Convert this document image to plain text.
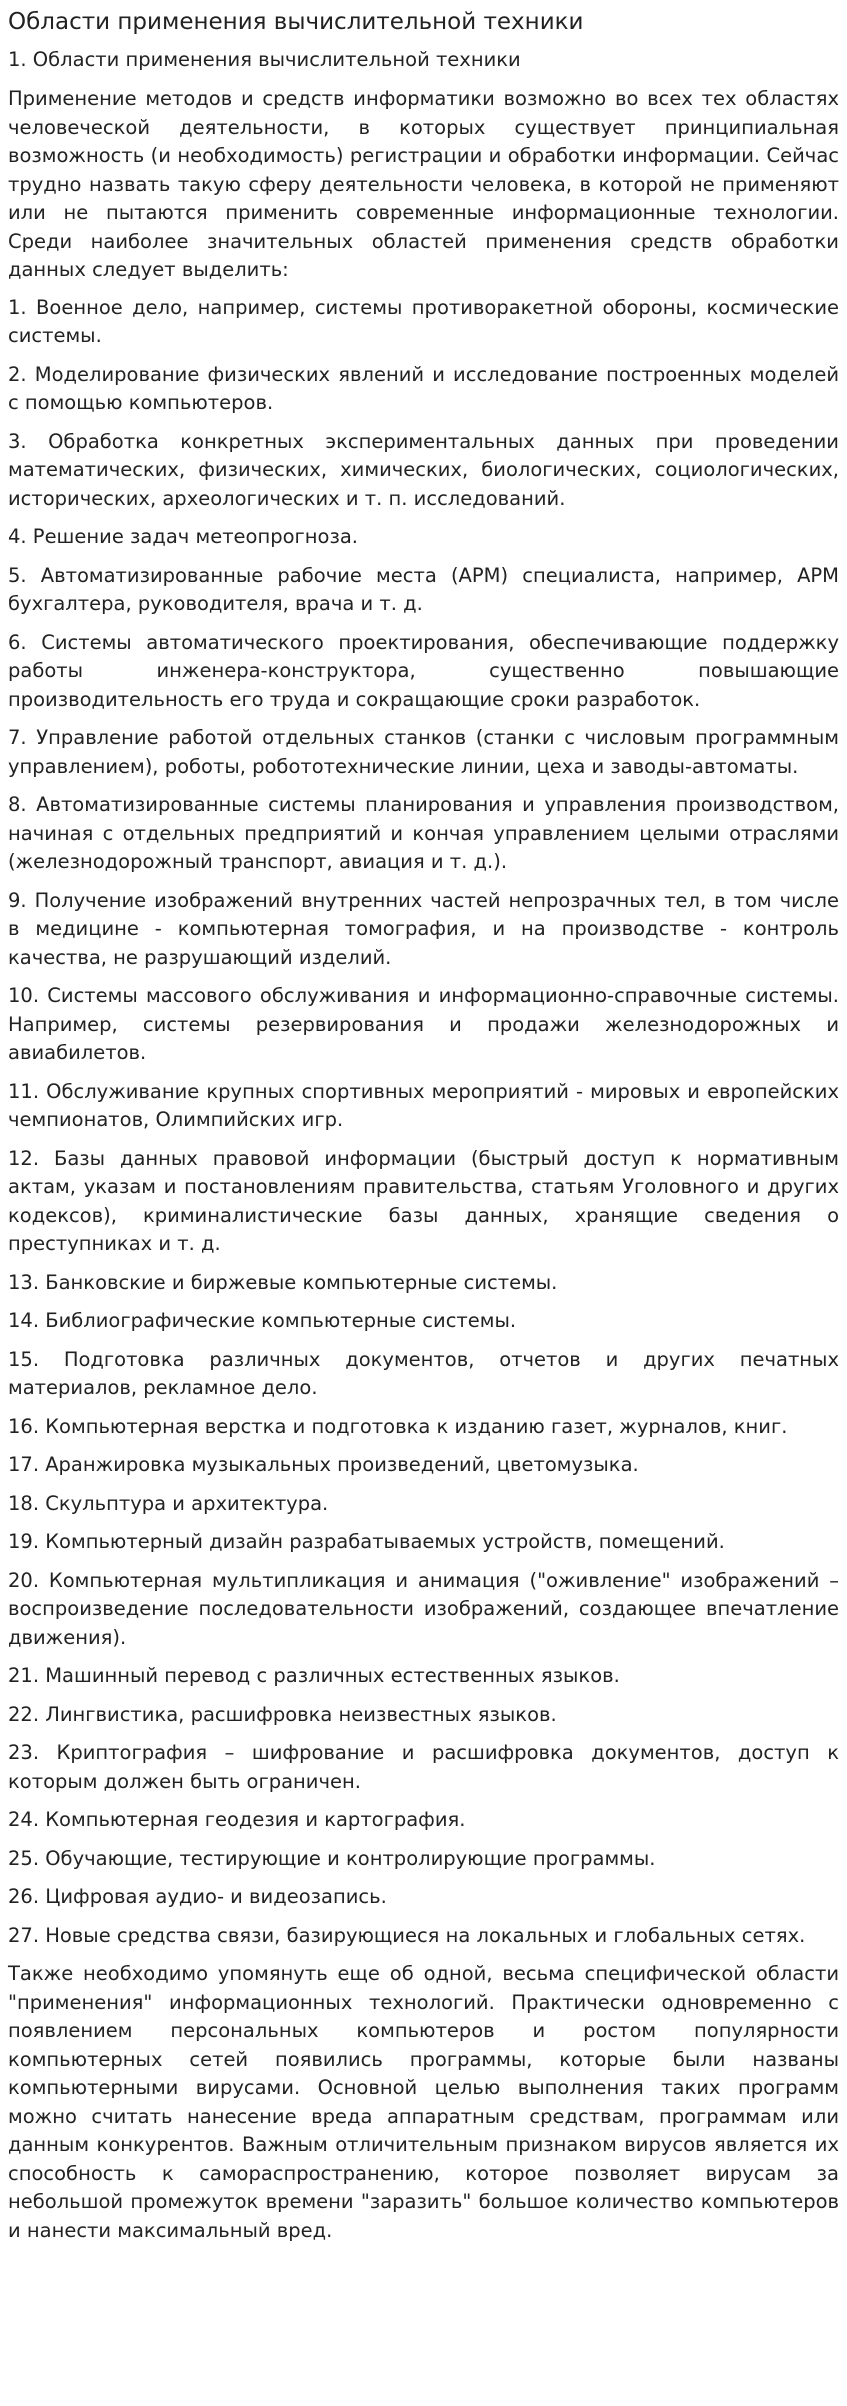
Области применения вычислительной техники
1. Области применения вычислительной техники

Применение методов и средств информатики возможно во всех тех областях человеческой деятельности, в которых существует принципиальная возможность (и необходимость) регистрации и обработки информации. Сейчас трудно назвать такую сферу деятельности человека, в которой не применяют или не пытаются применить современные информационные технологии. Среди наиболее значительных областей применения средств обработки данных следует выделить:

1. Военное дело, например, системы противоракетной обороны, космические системы.

2. Моделирование физических явлений и исследование построенных моделей с помощью компьютеров.

3. Обработка конкретных экспериментальных данных при проведении математических, физических, химических, биологических, социологических, исторических, археологических и т. п. исследований.

4. Решение задач метеопрогноза.

5. Автоматизированные рабочие места (АРМ) специалиста, например, АРМ бухгалтера, руководителя, врача и т. д.

6. Системы автоматического проектирования, обеспечивающие поддержку работы инженера-конструктора, существенно повышающие производительность его труда и сокращающие сроки разработок.

7. Управление работой отдельных станков (станки с числовым программным управлением), роботы, робототехнические линии, цеха и заводы-автоматы.

8. Автоматизированные системы планирования и управления производством, начиная с отдельных предприятий и кончая управлением целыми отраслями (железнодорожный транспорт, авиация и т. д.).

9. Получение изображений внутренних частей непрозрачных тел, в том числе в медицине - компьютерная томография, и на производстве - контроль качества, не разрушающий изделий.

10. Системы массового обслуживания и информационно-справочные системы. Например, системы резервирования и продажи железнодорожных и авиабилетов.

11. Обслуживание крупных спортивных мероприятий - мировых и европейских чемпионатов, Олимпийских игр.

12. Базы данных правовой информации (быстрый доступ к нормативным актам, указам и постановлениям правительства, статьям Уголовного и других кодексов), криминалистические базы данных, хранящие сведения о преступниках и т. д.

13. Банковские и биржевые компьютерные системы.

14. Библиографические компьютерные системы.

15. Подготовка различных документов, отчетов и других печатных материалов, рекламное дело.

16. Компьютерная верстка и подготовка к изданию газет, журналов, книг.

17. Аранжировка музыкальных произведений, цветомузыка.

18. Скульптура и архитектура.

19. Компьютерный дизайн разрабатываемых устройств, помещений.

20. Компьютерная мультипликация и анимация ("оживление" изображений – воспроизведение последовательности изображений, создающее впечатление движения).

21. Машинный перевод с различных естественных языков.

22. Лингвистика, расшифровка неизвестных языков.

23. Криптография – шифрование и расшифровка документов, доступ к которым должен быть ограничен.

24. Компьютерная геодезия и картография.

25. Обучающие, тестирующие и контролирующие программы.

26. Цифровая аудио- и видеозапись.

27. Новые средства связи, базирующиеся на локальных и глобальных сетях.

Также необходимо упомянуть еще об одной, весьма специфической области "применения" информационных технологий. Практически одновременно с появлением персональных компьютеров и ростом популярности компьютерных сетей появились программы, которые были названы компьютерными вирусами. Основной целью выполнения таких программ можно считать нанесение вреда аппаратным средствам, программам или данным конкурентов. Важным отличительным признаком вирусов является их способность к самораспространению, которое позволяет вирусам за небольшой промежуток времени "заразить" большое количество компьютеров и нанести максимальный вред.
